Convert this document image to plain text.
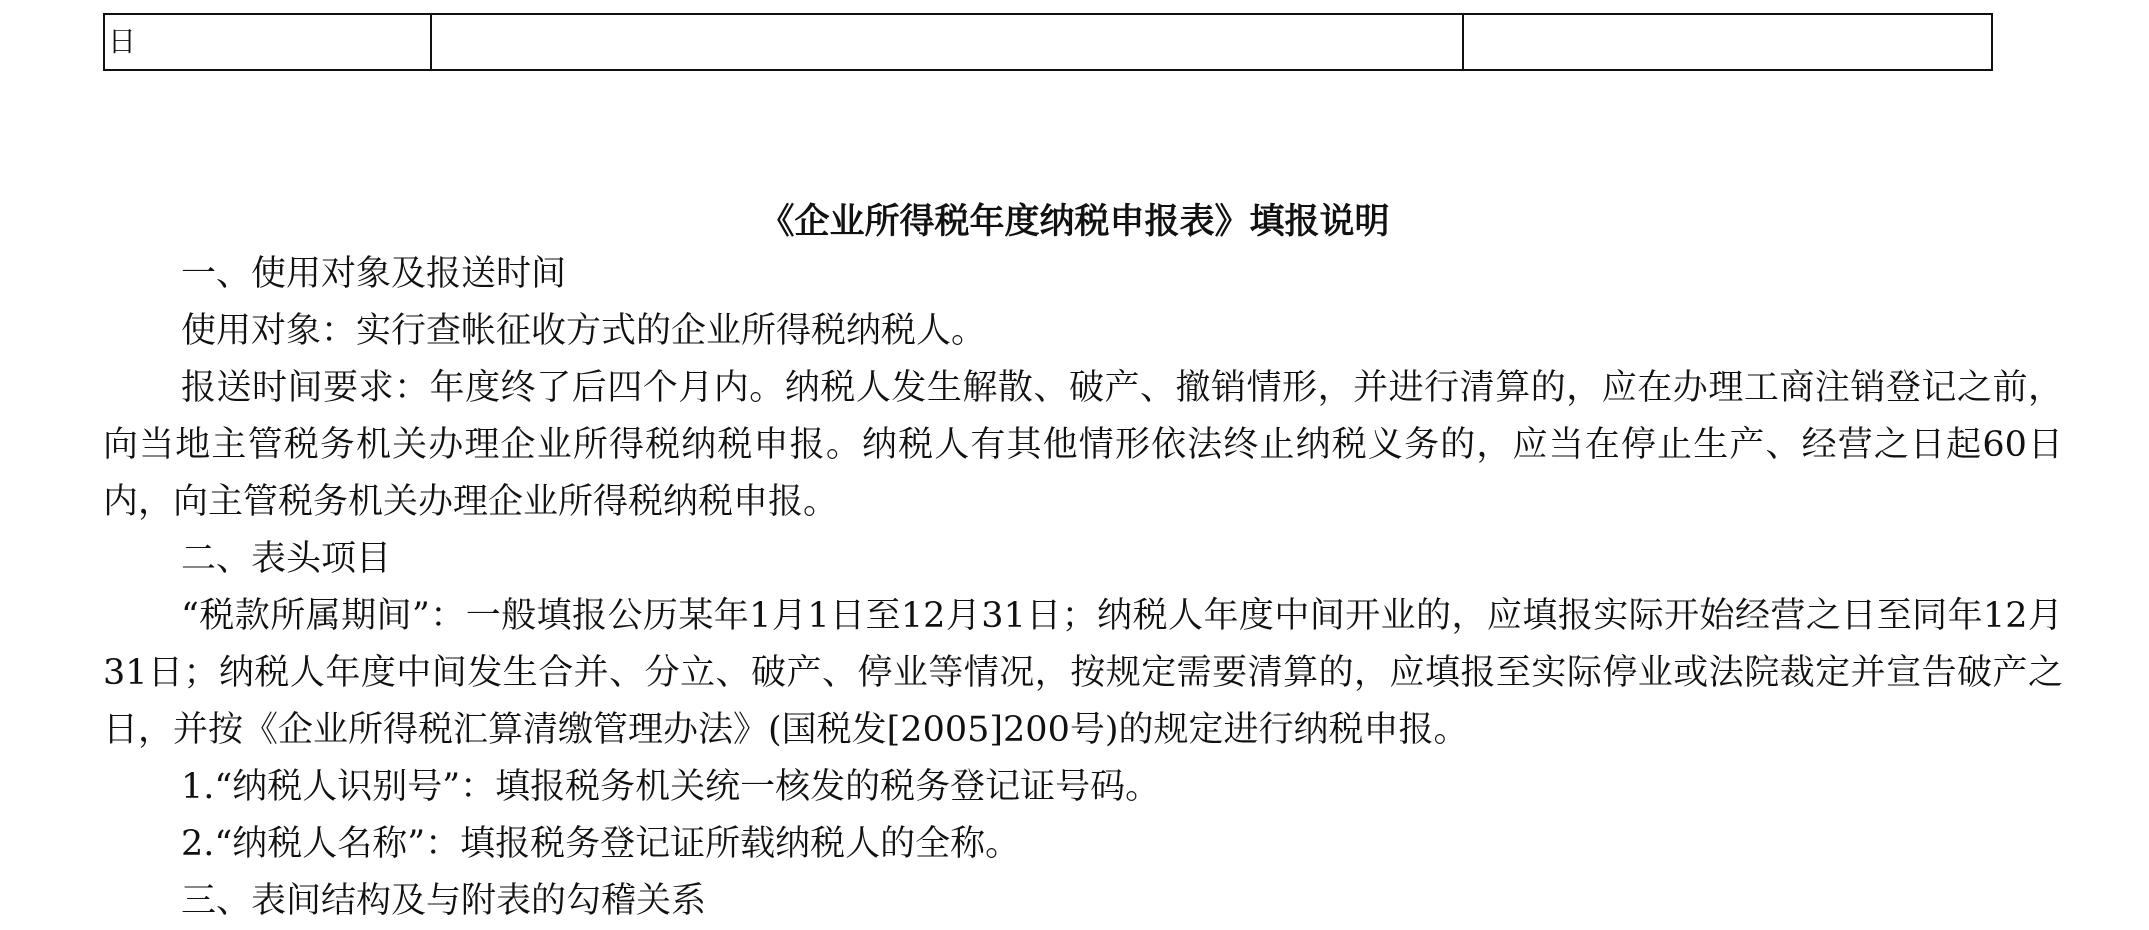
日		
《企业所得税年度纳税申报表》填报说明

一、使用对象及报送时间

使用对象：实行查帐征收方式的企业所得税纳税人。

报送时间要求：年度终了后四个月内。纳税人发生解散、破产、撤销情形，并进行清算的，应在办理工商注销登记之前，向当地主管税务机关办理企业所得税纳税申报。纳税人有其他情形依法终止纳税义务的，应当在停止生产、经营之日起60日内，向主管税务机关办理企业所得税纳税申报。

二、表头项目

“税款所属期间”：一般填报公历某年1月1日至12月31日；纳税人年度中间开业的，应填报实际开始经营之日至同年12月31日；纳税人年度中间发生合并、分立、破产、停业等情况，按规定需要清算的，应填报至实际停业或法院裁定并宣告破产之日，并按《企业所得税汇算清缴管理办法》(国税发[2005]200号)的规定进行纳税申报。

1.“纳税人识别号”：填报税务机关统一核发的税务登记证号码。

2.“纳税人名称”：填报税务登记证所载纳税人的全称。

三、表间结构及与附表的勾稽关系
